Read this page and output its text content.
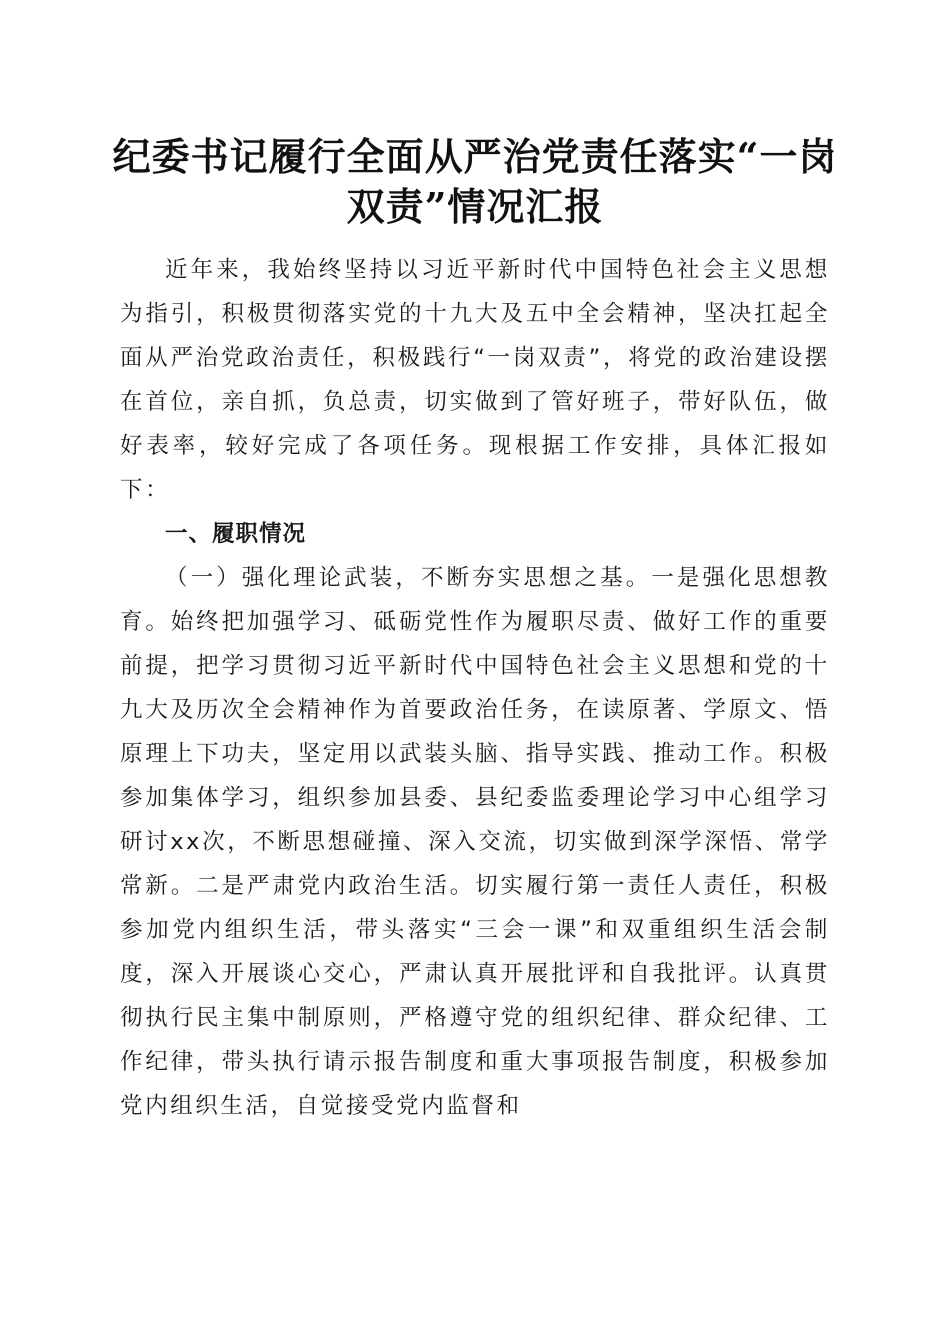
纪委书记履行全面从严治党责任落实“一岗双责”情况汇报

近年来，我始终坚持以习近平新时代中国特色社会主义思想为指引，积极贯彻落实党的十九大及五中全会精神，坚决扛起全面从严治党政治责任，积极践行“一岗双责”，将党的政治建设摆在首位，亲自抓，负总责，切实做到了管好班子，带好队伍，做好表率，较好完成了各项任务。现根据工作安排，具体汇报如下：

一、履职情况

（一）强化理论武装，不断夯实思想之基。一是强化思想教育。始终把加强学习、砥砺党性作为履职尽责、做好工作的重要前提，把学习贯彻习近平新时代中国特色社会主义思想和党的十九大及历次全会精神作为首要政治任务，在读原著、学原文、悟原理上下功夫，坚定用以武装头脑、指导实践、推动工作。积极参加集体学习，组织参加县委、县纪委监委理论学习中心组学习研讨xx次，不断思想碰撞、深入交流，切实做到深学深悟、常学常新。二是严肃党内政治生活。切实履行第一责任人责任，积极参加党内组织生活，带头落实“三会一课”和双重组织生活会制度，深入开展谈心交心，严肃认真开展批评和自我批评。认真贯彻执行民主集中制原则，严格遵守党的组织纪律、群众纪律、工作纪律，带头执行请示报告制度和重大事项报告制度，积极参加党内组织生活，自觉接受党内监督和
